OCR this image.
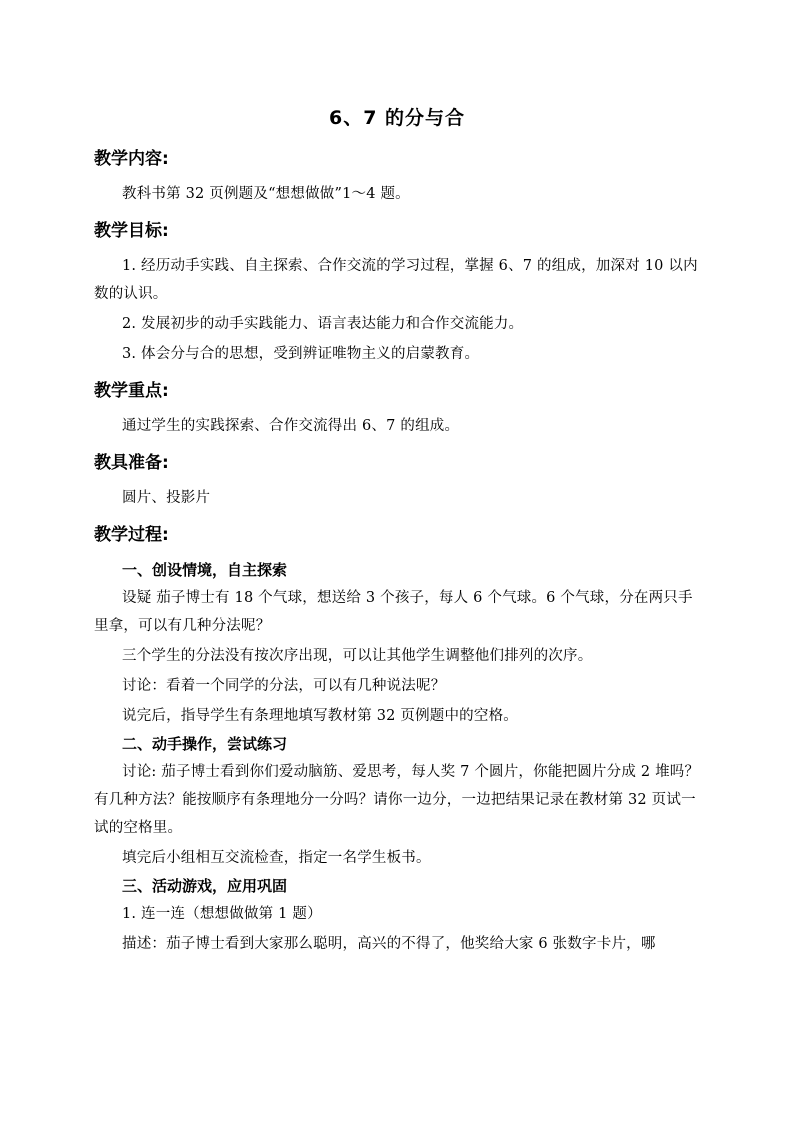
6、7 的分与合
教学内容:

教科书第 32 页例题及“想想做做”1～4 题。

教学目标:

1. 经历动手实践、自主探索、合作交流的学习过程，掌握 6、7 的组成，加深对 10 以内数的认识。

2. 发展初步的动手实践能力、语言表达能力和合作交流能力。

3. 体会分与合的思想，受到辨证唯物主义的启蒙教育。

教学重点:

通过学生的实践探索、合作交流得出 6、7 的组成。

教具准备:

圆片、投影片

教学过程:
一、创设情境，自主探索

设疑 茄子博士有 18 个气球，想送给 3 个孩子，每人 6 个气球。6 个气球，分在两只手里拿，可以有几种分法呢？

三个学生的分法没有按次序出现，可以让其他学生调整他们排列的次序。

讨论：看着一个同学的分法，可以有几种说法呢？

说完后，指导学生有条理地填写教材第 32 页例题中的空格。

二、动手操作，尝试练习

讨论: 茄子博士看到你们爱动脑筋、爱思考，每人奖 7 个圆片，你能把圆片分成 2 堆吗？有几种方法？能按顺序有条理地分一分吗？请你一边分，一边把结果记录在教材第 32 页试一试的空格里。

填完后小组相互交流检查，指定一名学生板书。

三、活动游戏，应用巩固

1. 连一连（想想做做第 1 题）

描述：茄子博士看到大家那么聪明，高兴的不得了，他奖给大家 6 张数字卡片，哪
